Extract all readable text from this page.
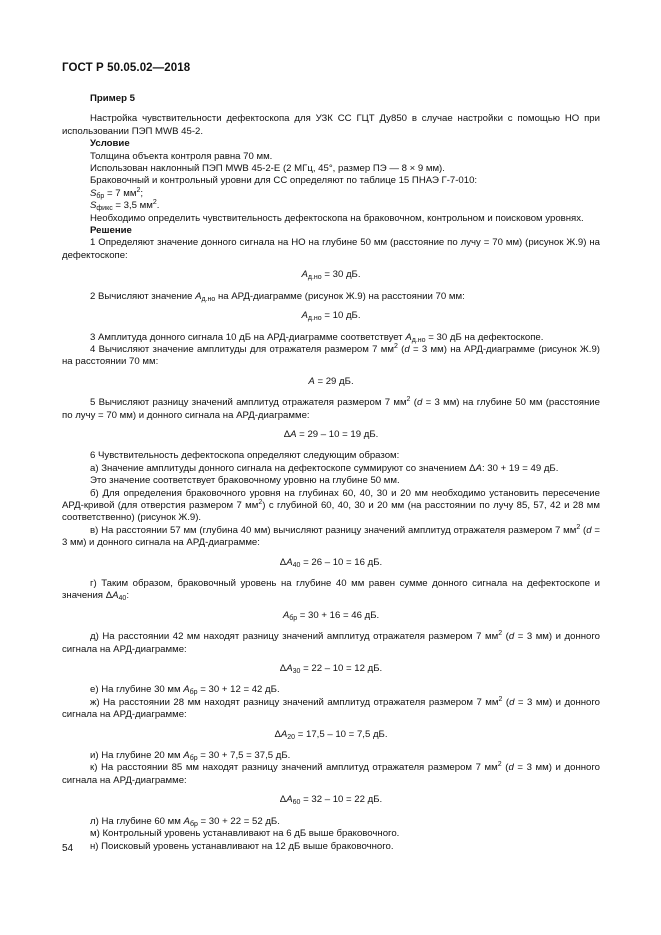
ГОСТ Р 50.05.02—2018

Пример 5

Настройка чувствительности дефектоскопа для УЗК СС ГЦТ Ду850 в случае настройки с помощью НО при использовании ПЭП MWB 45-2.

Условие

Толщина объекта контроля равна 70 мм.

Использован наклонный ПЭП MWB 45-2-E (2 МГц, 45°, размер ПЭ — 8 × 9 мм).

Браковочный и контрольный уровни для СС определяют по таблице 15 ПНАЭ Г-7-010:

$S_{бр} = 7$ $мм^2$;

$S_{фикс} = 3,5$ $мм^2$.

Необходимо определить чувствительность дефектоскопа на браковочном, контрольном и поисковом уровнях.

Решение

1 Определяют значение донного сигнала на НО на глубине 50 мм (расстояние по лучу = 70 мм) (рисунок Ж.9) на дефектоскопе:

$A_{д.но} = 30$ дБ.

2 Вычисляют значение $A_{д.но}$ на АРД-диаграмме (рисунок Ж.9) на расстоянии 70 мм:

$A_{д.но} = 10$ дБ.

3 Амплитуда донного сигнала 10 дБ на АРД-диаграмме соответствует $A_{д.но} = 30$ дБ на дефектоскопе.

4 Вычисляют значение амплитуды для отражателя размером 7 $мм^2$ (d = 3 мм) на АРД-диаграмме (рисунок Ж.9) на расстоянии 70 мм:

A = 29 дБ.

5 Вычисляют разницу значений амплитуд отражателя размером 7 $мм^2$ (d = 3 мм) на глубине 50 мм (расстояние по лучу = 70 мм) и донного сигнала на АРД-диаграмме:

ΔA = 29 – 10 = 19 дБ.

6 Чувствительность дефектоскопа определяют следующим образом:

а) Значение амплитуды донного сигнала на дефектоскопе суммируют со значением ΔA: 30 + 19 = 49 дБ.

Это значение соответствует браковочному уровню на глубине 50 мм.

б) Для определения браковочного уровня на глубинах 60, 40, 30 и 20 мм необходимо установить пересечение АРД-кривой (для отверстия размером 7 $мм^2$) с глубиной 60, 40, 30 и 20 мм (на расстоянии по лучу 85, 57, 42 и 28 мм соответственно) (рисунок Ж.9).

в) На расстоянии 57 мм (глубина 40 мм) вычисляют разницу значений амплитуд отражателя размером 7 $мм^2$ (d = 3 мм) и донного сигнала на АРД-диаграмме:

$\Delta A_{40} = 26 - 10 = 16$ дБ.

г) Таким образом, браковочный уровень на глубине 40 мм равен сумме донного сигнала на дефектоскопе и значения $\Delta A_{40}$:

$A_{бр} = 30 + 16 = 46$ дБ.

д) На расстоянии 42 мм находят разницу значений амплитуд отражателя размером 7 $мм^2$ (d = 3 мм) и донного сигнала на АРД-диаграмме:

$\Delta A_{30} = 22 - 10 = 12$ дБ.

е) На глубине 30 мм $A_{бр} = 30 + 12 = 42$ дБ.

ж) На расстоянии 28 мм находят разницу значений амплитуд отражателя размером 7 $мм^2$ (d = 3 мм) и донного сигнала на АРД-диаграмме:

$\Delta A_{20} = 17,5 - 10 = 7,5$ дБ.

и) На глубине 20 мм $A_{бр} = 30 + 7,5 = 37,5$ дБ.

к) На расстоянии 85 мм находят разницу значений амплитуд отражателя размером 7 $мм^2$ (d = 3 мм) и донного сигнала на АРД-диаграмме:

$\Delta A_{60} = 32 - 10 = 22$ дБ.

л) На глубине 60 мм $A_{бр} = 30 + 22 = 52$ дБ.

м) Контрольный уровень устанавливают на 6 дБ выше браковочного.

н) Поисковый уровень устанавливают на 12 дБ выше браковочного.

54
